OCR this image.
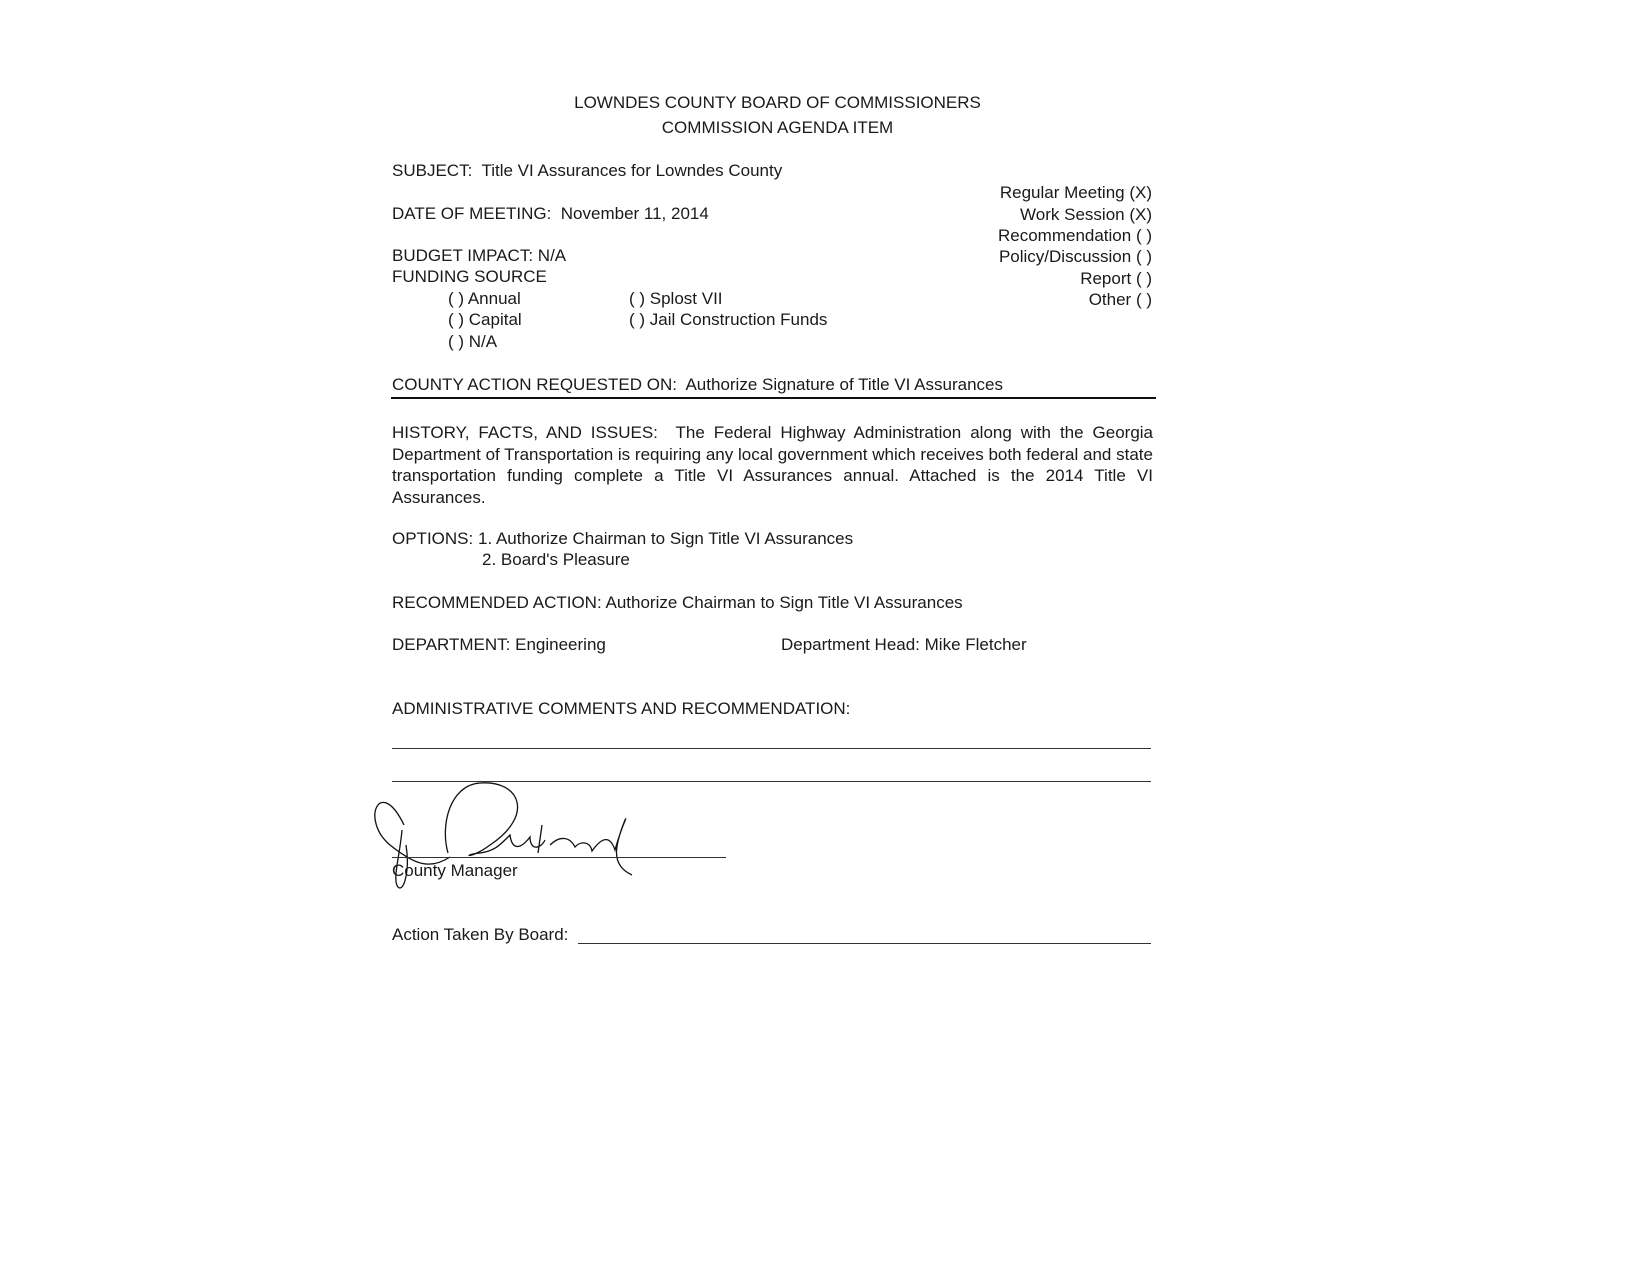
LOWNDES COUNTY BOARD OF COMMISSIONERS
COMMISSION AGENDA ITEM
SUBJECT: Title VI Assurances for Lowndes County
DATE OF MEETING: November 11, 2014
BUDGET IMPACT: N/A
FUNDING SOURCE
( ) Annual
( ) Capital
( ) N/A
( ) Splost VII
( ) Jail Construction Funds
Regular Meeting (X)
Work Session (X)
Recommendation ( )
Policy/Discussion ( )
Report ( )
Other ( )
COUNTY ACTION REQUESTED ON: Authorize Signature of Title VI Assurances
HISTORY, FACTS, AND ISSUES: The Federal Highway Administration along with the Georgia Department of Transportation is requiring any local government which receives both federal and state transportation funding complete a Title VI Assurances annual. Attached is the 2014 Title VI Assurances.
OPTIONS: 1. Authorize Chairman to Sign Title VI Assurances
2. Board's Pleasure
RECOMMENDED ACTION: Authorize Chairman to Sign Title VI Assurances
DEPARTMENT: Engineering	Department Head: Mike Fletcher
ADMINISTRATIVE COMMENTS AND RECOMMENDATION:
County Manager
Action Taken By Board:
